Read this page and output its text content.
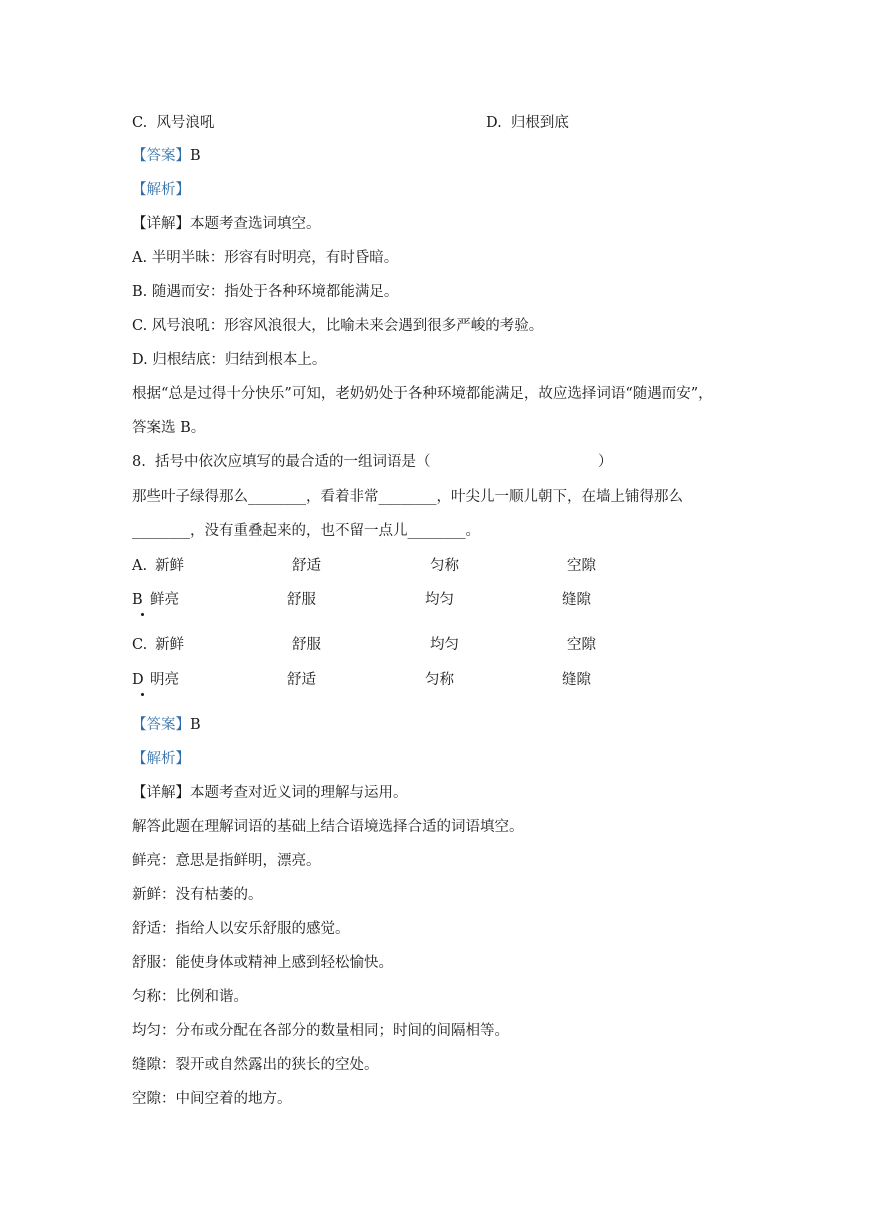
C.  风号浪吼	D.  归根到底
【答案】B
【解析】
【详解】本题考查选词填空。
A. 半明半昧：形容有时明亮，有时昏暗。
B. 随遇而安：指处于各种环境都能满足。
C. 风号浪吼：形容风浪很大，比喻未来会遇到很多严峻的考验。
D. 归根结底：归结到根本上。
根据“总是过得十分快乐”可知，老奶奶处于各种环境都能满足，故应选择词语“随遇而安”，
答案选 B。
8.  括号中依次应填写的最合适的一组词语是（	）
那些叶子绿得那么________，看着非常________，叶尖儿一顺儿朝下，在墙上铺得那么
________，没有重叠起来的，也不留一点儿________。
A. 新鲜	舒适	匀称	空隙
B 鲜亮	舒服	均匀	缝隙
C. 新鲜	舒服	均匀	空隙
D 明亮	舒适	匀称	缝隙
【答案】B
【解析】
【详解】本题考查对近义词的理解与运用。
解答此题在理解词语的基础上结合语境选择合适的词语填空。
鲜亮：意思是指鲜明，漂亮。
新鲜：没有枯萎的。
舒适：指给人以安乐舒服的感觉。
舒服：能使身体或精神上感到轻松愉快。
匀称：比例和谐。
均匀：分布或分配在各部分的数量相同；时间的间隔相等。
缝隙：裂开或自然露出的狭长的空处。
空隙：中间空着的地方。
